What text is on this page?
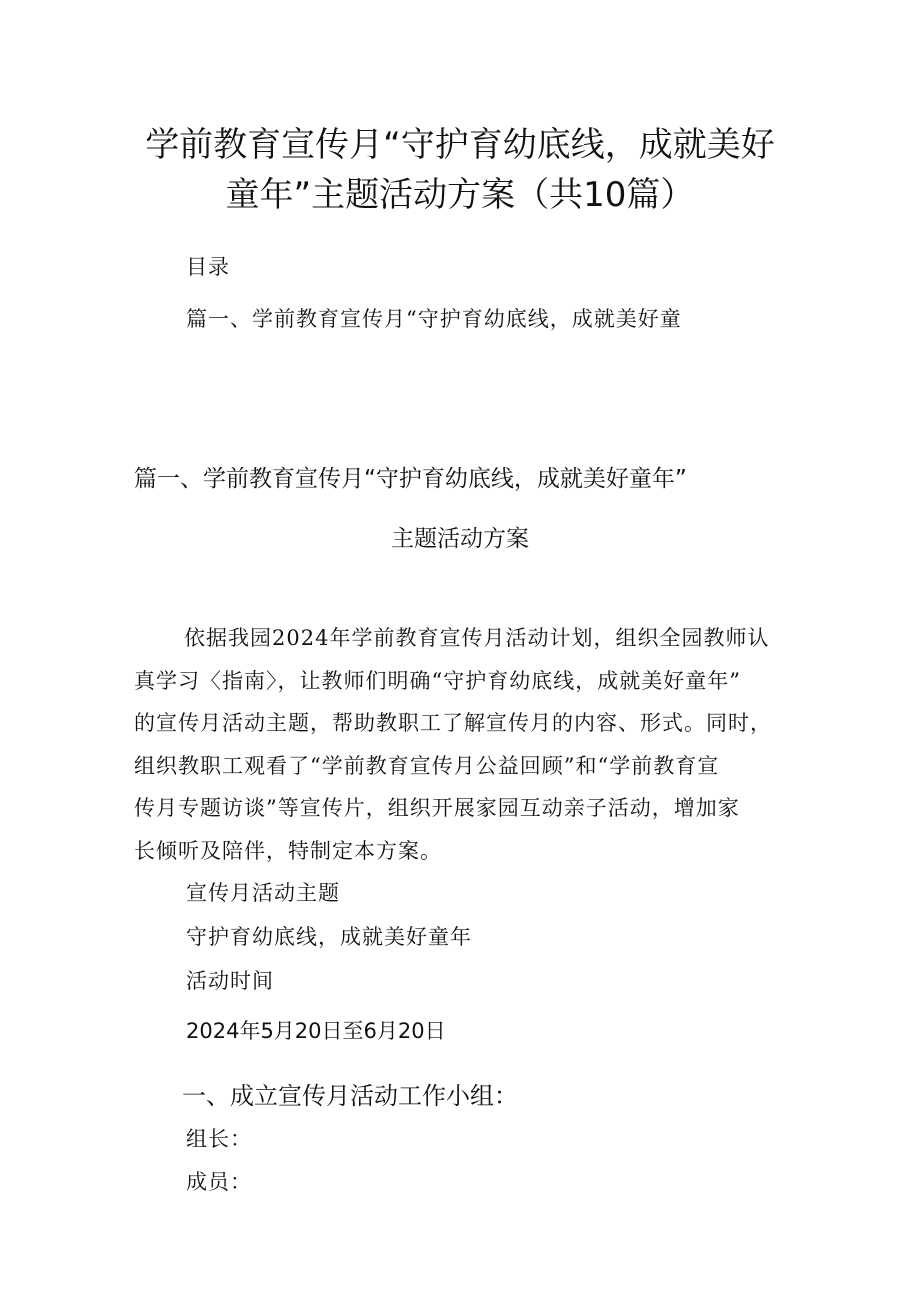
学前教育宣传月“守护育幼底线，成就美好
童年”主题活动方案（共10篇）
目录
篇一、学前教育宣传月“守护育幼底线，成就美好童
篇一、学前教育宣传月“守护育幼底线，成就美好童年”
主题活动方案
依据我园2024年学前教育宣传月活动计划，组织全园教师认
真学习〈指南〉，让教师们明确“守护育幼底线，成就美好童年”
的宣传月活动主题，帮助教职工了解宣传月的内容、形式。同时，
组织教职工观看了“学前教育宣传月公益回顾”和“学前教育宣
传月专题访谈”等宣传片，组织开展家园互动亲子活动，增加家
长倾听及陪伴，特制定本方案。
宣传月活动主题
守护育幼底线，成就美好童年
活动时间
2024年5月20日至6月20日
一、成立宣传月活动工作小组：
组长：
成员：
